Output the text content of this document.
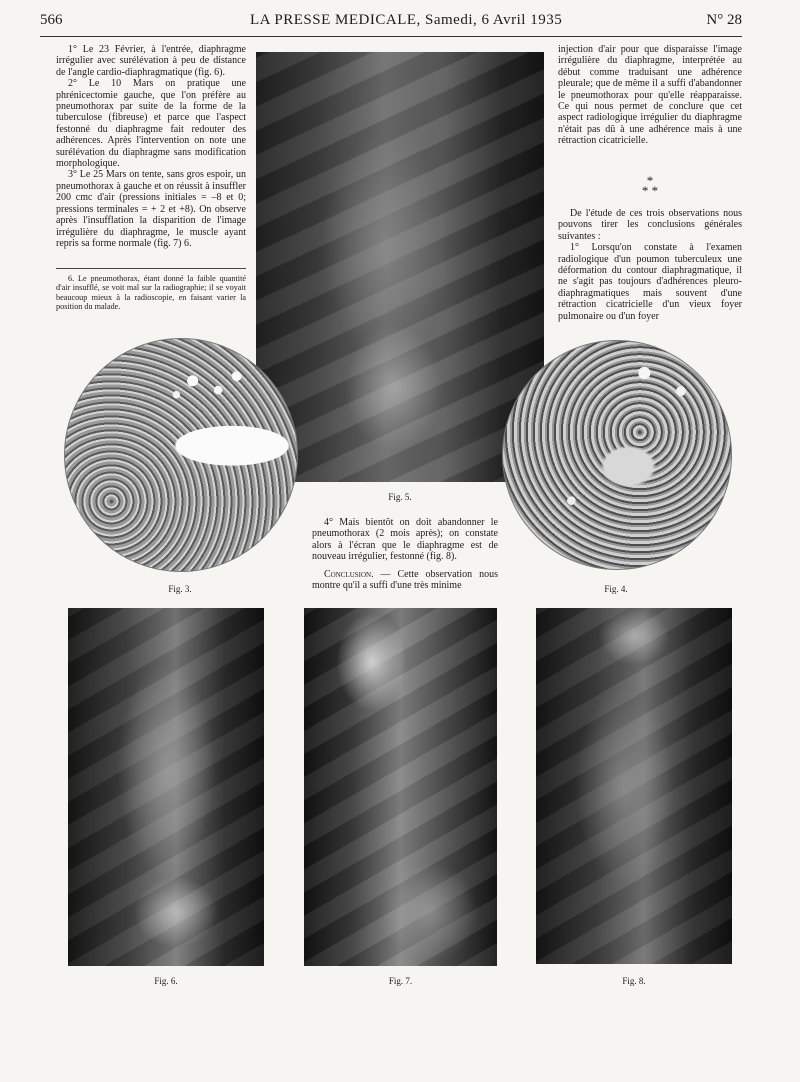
566	LA PRESSE MEDICALE, Samedi, 6 Avril 1935	N° 28

1° Le 23 Février, à l'entrée, diaphragme irrégulier avec surélévation à peu de distance de l'angle cardio-diaphragmatique (fig. 6).

2° Le 10 Mars on pratique une phrénicectomie gauche, que l'on préfère au pneumothorax par suite de la forme de la tuberculose (fibreuse) et parce que l'aspect festonné du diaphragme fait redouter des adhérences. Après l'intervention on note une surélévation du diaphragme sans modification morphologique.

3° Le 25 Mars on tente, sans gros espoir, un pneumothorax à gauche et on réussit à insuffler 200 cmc d'air (pressions initiales = –8 et 0; pressions terminales = + 2 et +8). On observe après l'insufflation la disparition de l'image irrégulière du diaphragme, le muscle ayant repris sa forme normale (fig. 7) 6.

6. Le pneumothorax, étant donné la faible quantité d'air insufflé, se voit mal sur la radiographie; il se voyait beaucoup mieux à la radioscopie, en faisant varier la position du malade.

Fig. 5.

injection d'air pour que disparaisse l'image irrégulière du diaphragme, interprétée au début comme traduisant une adhérence pleurale; que de même il a suffi d'abandonner le pneumothorax pour qu'elle réapparaisse. Ce qui nous permet de conclure que cet aspect radiologique irrégulier du diaphragme n'était pas dû à une adhérence mais à une rétraction cicatricielle.

*
* *

De l'étude de ces trois observations nous pouvons tirer les conclusions générales suivantes :

1° Lorsqu'on constate à l'examen radiologique d'un poumon tuberculeux une déformation du contour diaphragmatique, il ne s'agit pas toujours d'adhérences pleuro-diaphragmatiques mais souvent d'une rétraction cicatricielle d'un vieux foyer pulmonaire ou d'un foyer

Fig. 3.	Fig. 4.

4° Mais bientôt on doit abandonner le pneumothorax (2 mois après); on constate alors à l'écran que le diaphragme est de nouveau irrégulier, festonné (fig. 8).

Conclusion. — Cette observation nous montre qu'il a suffi d'une très minime

Fig. 6.	Fig. 7.	Fig. 8.
